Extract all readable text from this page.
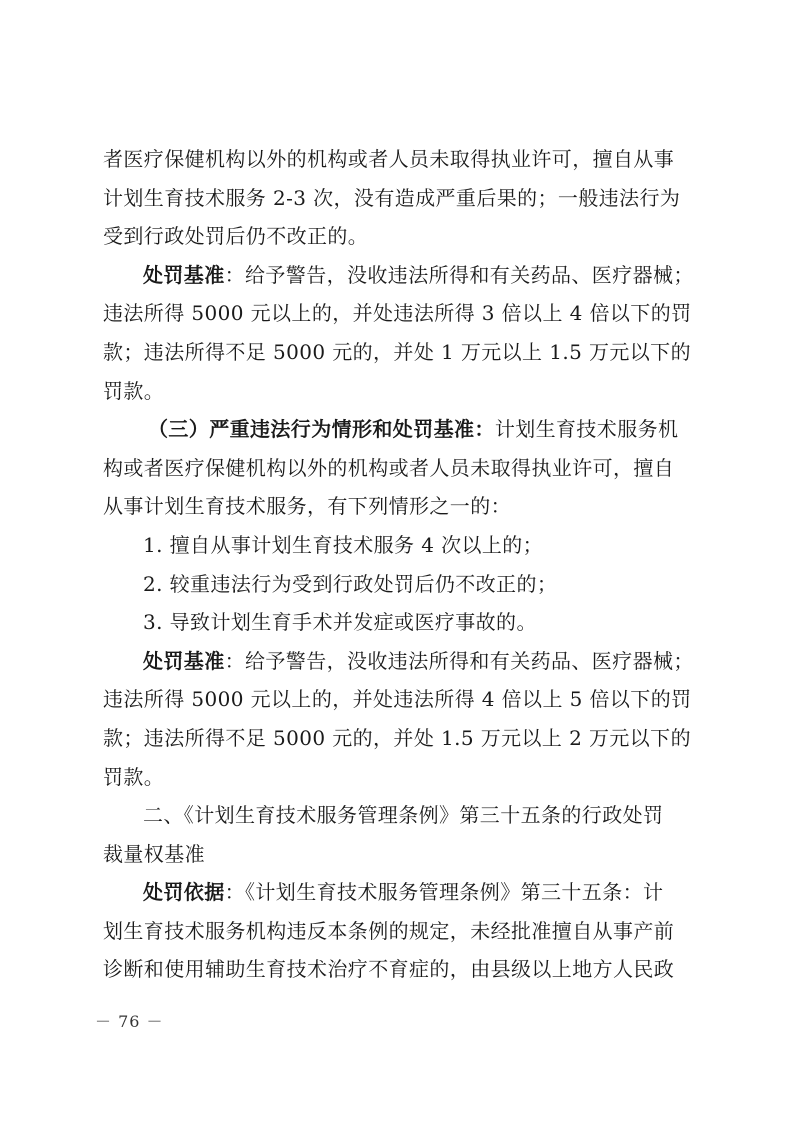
者医疗保健机构以外的机构或者人员未取得执业许可，擅自从事

计划生育技术服务 2-3 次，没有造成严重后果的；一般违法行为

受到行政处罚后仍不改正的。

处罚基准：给予警告，没收违法所得和有关药品、医疗器械；

违法所得 5000 元以上的，并处违法所得 3 倍以上 4 倍以下的罚

款；违法所得不足 5000 元的，并处 1 万元以上 1.5 万元以下的

罚款。

（三）严重违法行为情形和处罚基准：计划生育技术服务机

构或者医疗保健机构以外的机构或者人员未取得执业许可，擅自

从事计划生育技术服务，有下列情形之一的：

1. 擅自从事计划生育技术服务 4 次以上的；

2. 较重违法行为受到行政处罚后仍不改正的；

3. 导致计划生育手术并发症或医疗事故的。

处罚基准：给予警告，没收违法所得和有关药品、医疗器械；

违法所得 5000 元以上的，并处违法所得 4 倍以上 5 倍以下的罚

款；违法所得不足 5000 元的，并处 1.5 万元以上 2 万元以下的

罚款。

二、《计划生育技术服务管理条例》第三十五条的行政处罚

裁量权基准

处罚依据：《计划生育技术服务管理条例》第三十五条：计

划生育技术服务机构违反本条例的规定，未经批准擅自从事产前

诊断和使用辅助生育技术治疗不育症的，由县级以上地方人民政

－ 76 －
